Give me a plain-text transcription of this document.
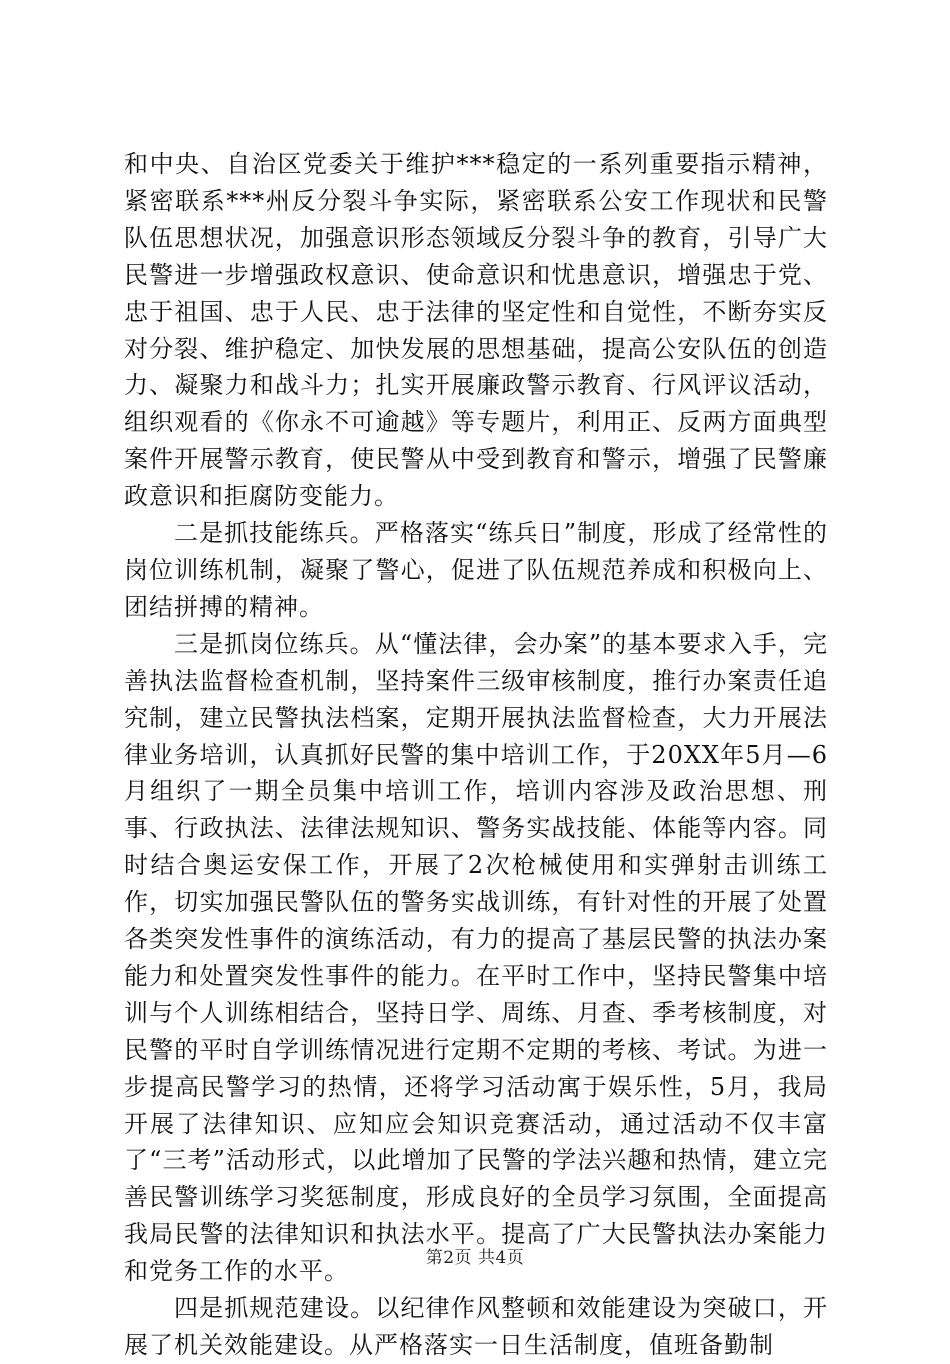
和中央、自治区党委关于维护***稳定的一系列重要指示精神，紧密联系***州反分裂斗争实际，紧密联系公安工作现状和民警队伍思想状况，加强意识形态领域反分裂斗争的教育，引导广大民警进一步增强政权意识、使命意识和忧患意识，增强忠于党、忠于祖国、忠于人民、忠于法律的坚定性和自觉性，不断夯实反对分裂、维护稳定、加快发展的思想基础，提高公安队伍的创造力、凝聚力和战斗力；扎实开展廉政警示教育、行风评议活动，组织观看的《你永不可逾越》等专题片，利用正、反两方面典型案件开展警示教育，使民警从中受到教育和警示，增强了民警廉政意识和拒腐防变能力。

二是抓技能练兵。严格落实“练兵日”制度，形成了经常性的岗位训练机制，凝聚了警心，促进了队伍规范养成和积极向上、团结拼搏的精神。

三是抓岗位练兵。从“懂法律，会办案”的基本要求入手，完善执法监督检查机制，坚持案件三级审核制度，推行办案责任追究制，建立民警执法档案，定期开展执法监督检查，大力开展法律业务培训，认真抓好民警的集中培训工作，于20XX年5月—6月组织了一期全员集中培训工作，培训内容涉及政治思想、刑事、行政执法、法律法规知识、警务实战技能、体能等内容。同时结合奥运安保工作，开展了2次枪械使用和实弹射击训练工作，切实加强民警队伍的警务实战训练，有针对性的开展了处置各类突发性事件的演练活动，有力的提高了基层民警的执法办案能力和处置突发性事件的能力。在平时工作中，坚持民警集中培训与个人训练相结合，坚持日学、周练、月查、季考核制度，对民警的平时自学训练情况进行定期不定期的考核、考试。为进一步提高民警学习的热情，还将学习活动寓于娱乐性，5月，我局开展了法律知识、应知应会知识竞赛活动，通过活动不仅丰富了“三考”活动形式，以此增加了民警的学法兴趣和热情，建立完善民警训练学习奖惩制度，形成良好的全员学习氛围，全面提高我局民警的法律知识和执法水平。提高了广大民警执法办案能力和党务工作的水平。

四是抓规范建设。以纪律作风整顿和效能建设为突破口，开展了机关效能建设。从严格落实一日生活制度，值班备勤制

第2页 共4页
